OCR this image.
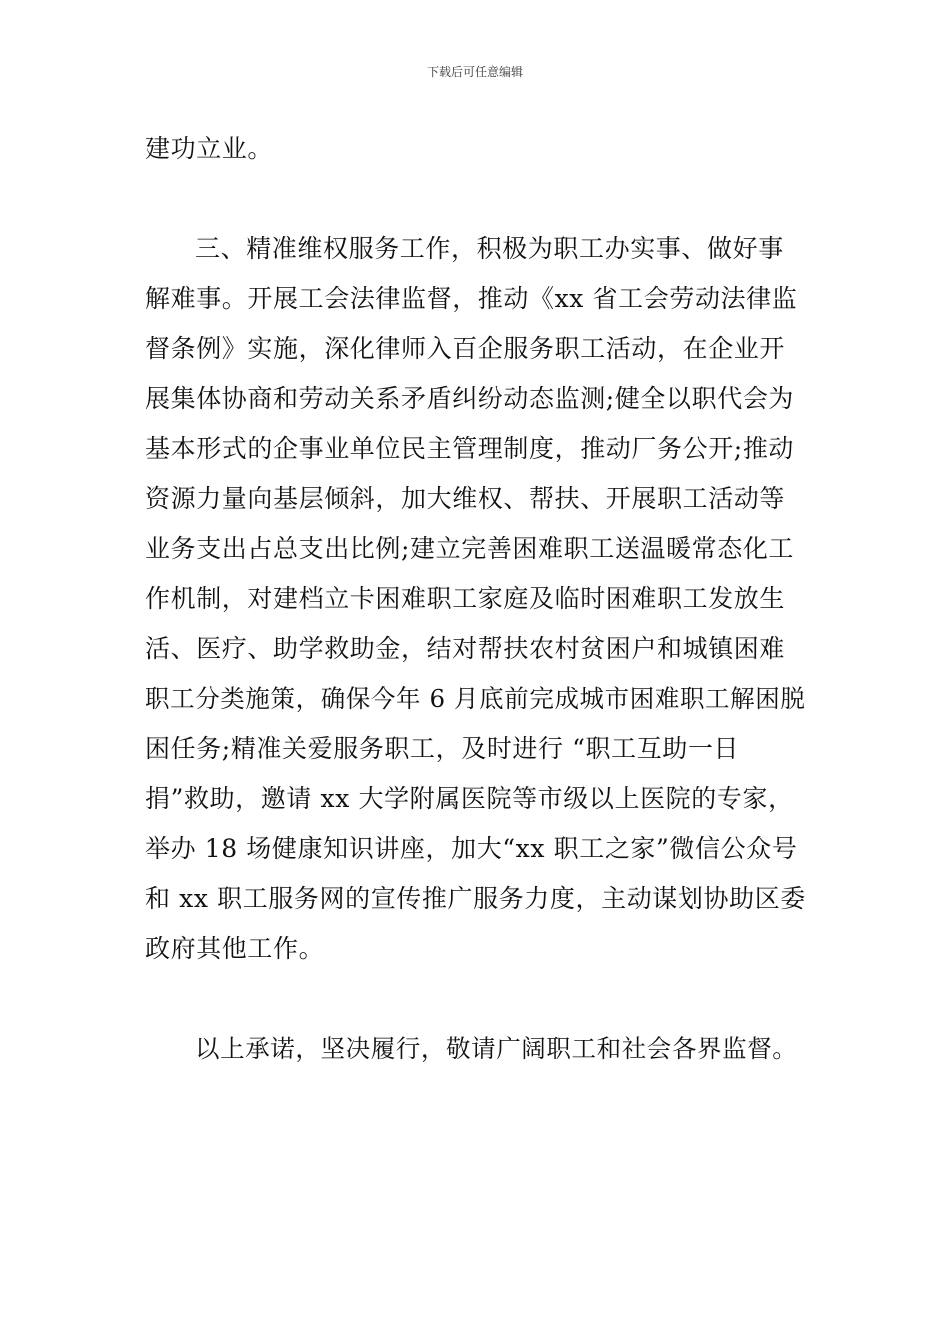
下载后可任意编辑
建功立业。
三、精准维权服务工作，积极为职工办实事、做好事
解难事。开展工会法律监督，推动《xx 省工会劳动法律监
督条例》实施，深化律师入百企服务职工活动，在企业开
展集体协商和劳动关系矛盾纠纷动态监测;健全以职代会为
基本形式的企事业单位民主管理制度，推动厂务公开;推动
资源力量向基层倾斜，加大维权、帮扶、开展职工活动等
业务支出占总支出比例;建立完善困难职工送温暖常态化工
作机制，对建档立卡困难职工家庭及临时困难职工发放生
活、医疗、助学救助金，结对帮扶农村贫困户和城镇困难
职工分类施策，确保今年 6 月底前完成城市困难职工解困脱
困任务;精准关爱服务职工，及时进行 “职工互助一日
捐”救助，邀请 xx 大学附属医院等市级以上医院的专家，
举办 18 场健康知识讲座，加大“xx 职工之家”微信公众号
和 xx 职工服务网的宣传推广服务力度，主动谋划协助区委
政府其他工作。
以上承诺，坚决履行，敬请广阔职工和社会各界监督。
